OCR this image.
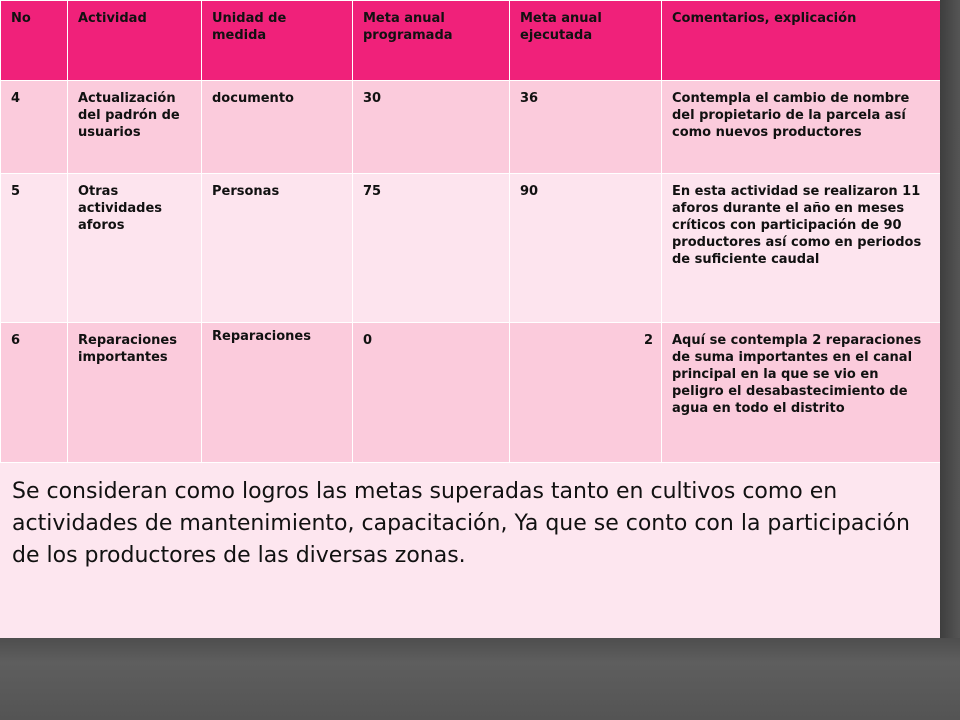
No	Actividad	Unidad de medida	Meta anual programada	Meta anual ejecutada	Comentarios, explicación
4	Actualización del padrón de usuarios	documento	30	36	Contempla el cambio de nombre del propietario de la parcela así como nuevos productores
5	Otras actividades aforos	Personas	75	90	En esta actividad se realizaron 11 aforos durante el año en meses críticos con participación de 90 productores así como en periodos de suficiente caudal
6	Reparaciones importantes	Reparaciones	0	2	Aquí se contempla 2 reparaciones de suma importantes en el canal principal en la que se vio en peligro el desabastecimiento de agua en todo el distrito
Se consideran como logros las metas superadas tanto en cultivos como en actividades de mantenimiento, capacitación, Ya que se conto con la participación de los productores de las diversas zonas.
